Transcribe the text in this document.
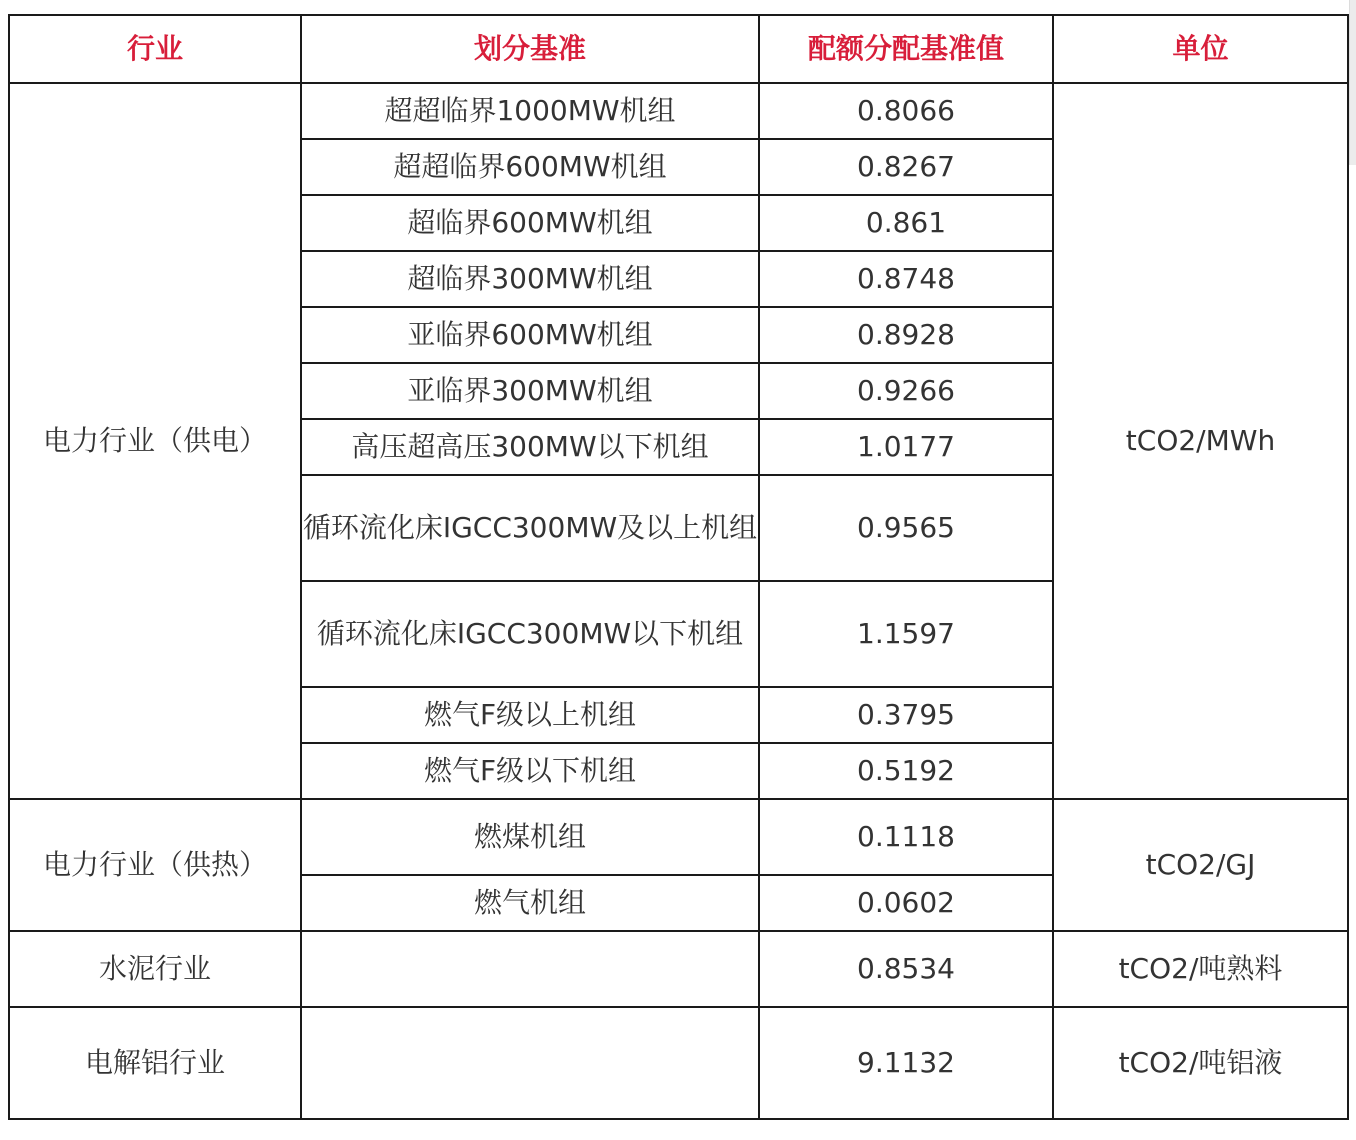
行业	划分基准	配额分配基准值	单位
电力行业（供电）	超超临界1000MW机组	0.8066	tCO2/MWh
	超超临界600MW机组	0.8267	
	超临界600MW机组	0.861	
	超临界300MW机组	0.8748	
	亚临界600MW机组	0.8928	
	亚临界300MW机组	0.9266	
	高压超高压300MW以下机组	1.0177	
	循环流化床IGCC300MW及以上机组	0.9565	
	循环流化床IGCC300MW以下机组	1.1597	
	燃气F级以上机组	0.3795	
	燃气F级以下机组	0.5192	
电力行业（供热）	燃煤机组	0.1118	tCO2/GJ
	燃气机组	0.0602	
水泥行业		0.8534	tCO2/吨熟料
电解铝行业		9.1132	tCO2/吨铝液
